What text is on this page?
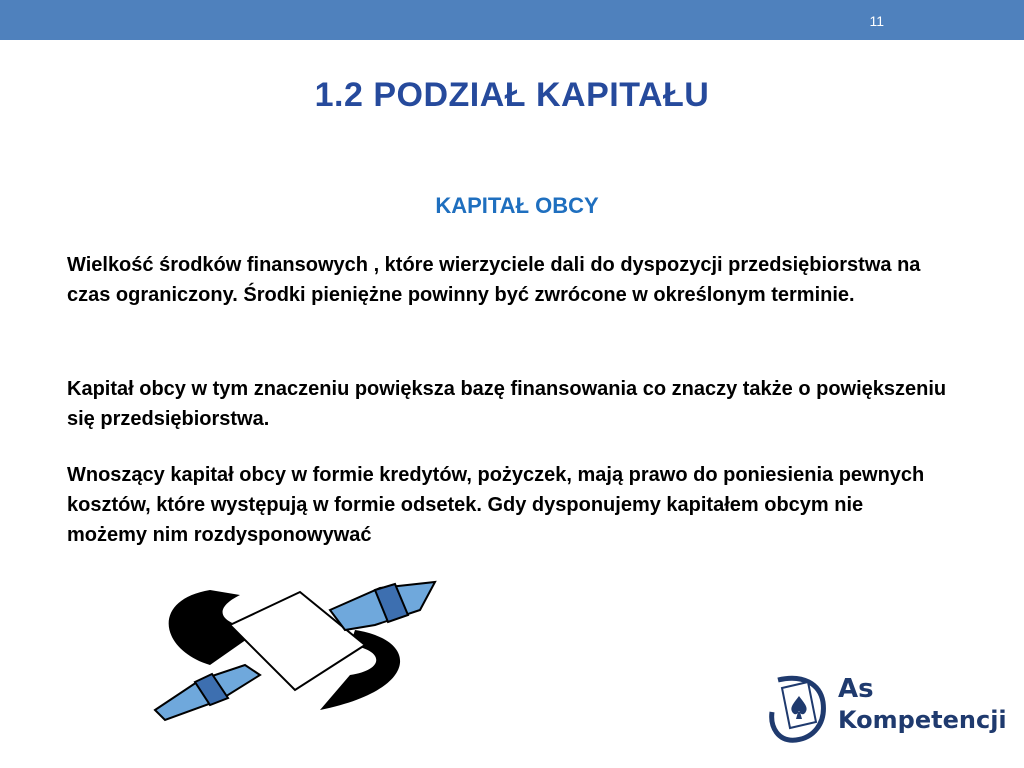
11
1.2 PODZIAŁ KAPITAŁU
KAPITAŁ OBCY
Wielkość środków finansowych , które wierzyciele dali do dyspozycji przedsiębiorstwa na czas ograniczony. Środki pieniężne powinny być zwrócone w określonym terminie.
Kapitał obcy w tym znaczeniu powiększa bazę finansowania co znaczy także o powiększeniu się przedsiębiorstwa.
Wnoszący kapitał obcy w formie kredytów, pożyczek, mają prawo do poniesienia pewnych kosztów, które występują w formie odsetek. Gdy dysponujemy kapitałem obcym nie możemy nim rozdysponowywać
As
Kompetencji
